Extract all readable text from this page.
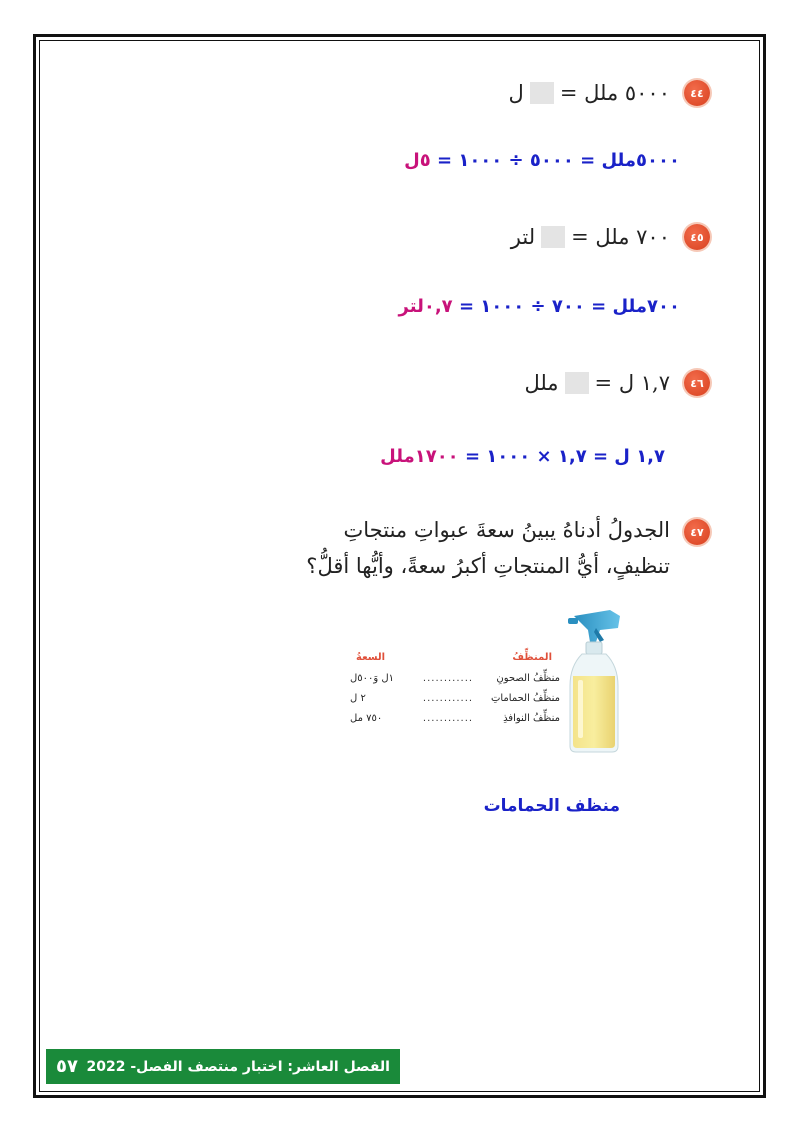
٤٤
٥٠٠٠ ملل =
ل
٥٠٠٠ملل = ٥٠٠٠ ÷ ١٠٠٠ = ٥ل
٤٥
٧٠٠ ملل =
لتر
٧٠٠ملل = ٧٠٠ ÷ ١٠٠٠ = ٠,٧لتر
٤٦
١,٧ ل =
ملل
١,٧ ل = ١,٧ × ١٠٠٠ = ١٧٠٠ملل
٤٧
الجدولُ أدناهُ يبينُ سعةَ عبواتِ منتجاتِ
تنظيفٍ، أيُّ المنتجاتِ أكبرُ سعةً، وأيُّها أقلُّ؟
المنظِّفُ
السعةُ
منظِّفُ الصحونِ
............
١ل وَ٥٠٠ل
منظِّفُ الحماماتِ
............
٢ ل
منظِّفُ النوافذِ
............
٧٥٠ مل
منظف الحمامات
الفصل العاشر: اختبار منتصف الفصل- 2022
٥٧
